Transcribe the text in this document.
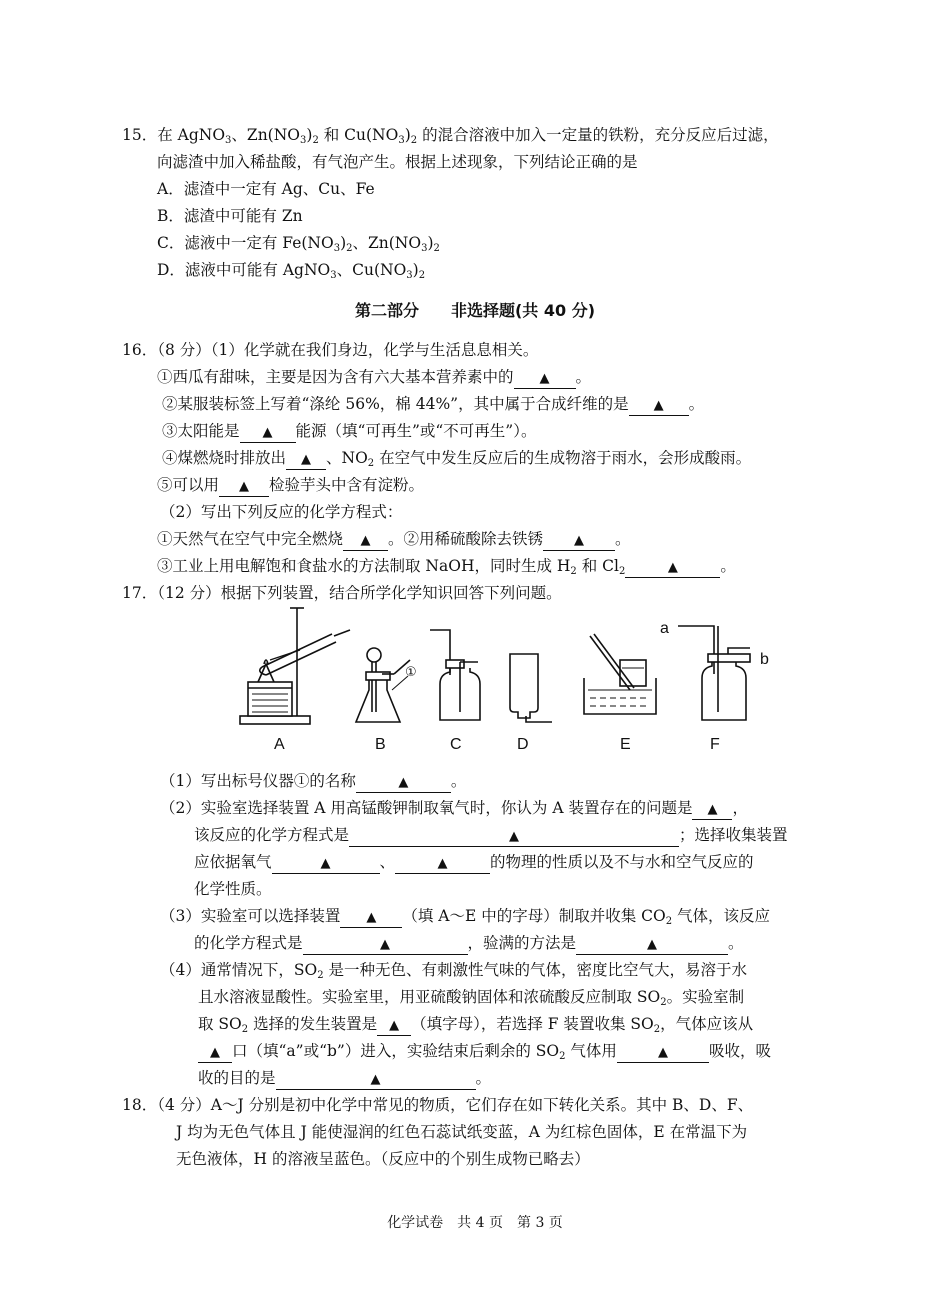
15．在 AgNO$_3$、$Zn(NO_3)_2$ 和 $Cu(NO_3)_2$ 的混合溶液中加入一定量的铁粉，充分反应后过滤，
向滤渣中加入稀盐酸，有气泡产生。根据上述现象，下列结论正确的是
A．滤渣中一定有 Ag、Cu、Fe
B．滤渣中可能有 Zn
C．滤液中一定有 $Fe(NO_3)_2$、$Zn(NO_3)_2$
D．滤液中可能有 AgNO$_3$、$Cu(NO_3)_2$
第二部分　　非选择题(共 40 分)
16．（8 分）（1）化学就在我们身边，化学与生活息息相关。
①西瓜有甜味，主要是因为含有六大基本营养素中的 ▲ 。
②某服装标签上写着“涤纶 56%，棉 44%”，其中属于合成纤维的是 ▲ 。
③太阳能是 ▲ 能源（填“可再生”或“不可再生”）。
④煤燃烧时排放出 ▲ 、$NO_2$ 在空气中发生反应后的生成物溶于雨水，会形成酸雨。
⑤可以用 ▲ 检验芋头中含有淀粉。
（2）写出下列反应的化学方程式：
①天然气在空气中完全燃烧 ▲ 。②用稀硫酸除去铁锈 ▲ 。
③工业上用电解饱和食盐水的方法制取 NaOH，同时生成 $H_2$ 和 $Cl_2$	▲	。
17．（12 分）根据下列装置，结合所学化学知识回答下列问题。
①
a
b
A	B	C	D	E	F
（1）写出标号仪器①的名称	▲	。
（2）实验室选择装置 A 用高锰酸钾制取氧气时，你认为 A 装置存在的问题是 ▲ ，
该反应的化学方程式是	▲	；选择收集装置
应依据氧气	▲	、	▲	的物理的性质以及不与水和空气反应的
化学性质。
（3）实验室可以选择装置 ▲ （填 A～E 中的字母）制取并收集 $CO_2$ 气体，该反应
的化学方程式是	▲	，验满的方法是	▲	。
（4）通常情况下，$SO_2$ 是一种无色、有刺激性气味的气体，密度比空气大，易溶于水
且水溶液显酸性。实验室里，用亚硫酸钠固体和浓硫酸反应制取 $SO_2$。实验室制
取 $SO_2$ 选择的发生装置是 ▲ （填字母），若选择 F 装置收集 $SO_2$，气体应该从
▲ 口（填“a”或“b”）进入，实验结束后剩余的 $SO_2$ 气体用	▲	吸收，吸
收的目的是	▲	。
18．（4 分）A～J 分别是初中化学中常见的物质，它们存在如下转化关系。其中 B、D、F、
J 均为无色气体且 J 能使湿润的红色石蕊试纸变蓝，A 为红棕色固体，E 在常温下为
无色液体，H 的溶液呈蓝色。（反应中的个别生成物已略去）
化学试卷　共 4 页　第 3 页
